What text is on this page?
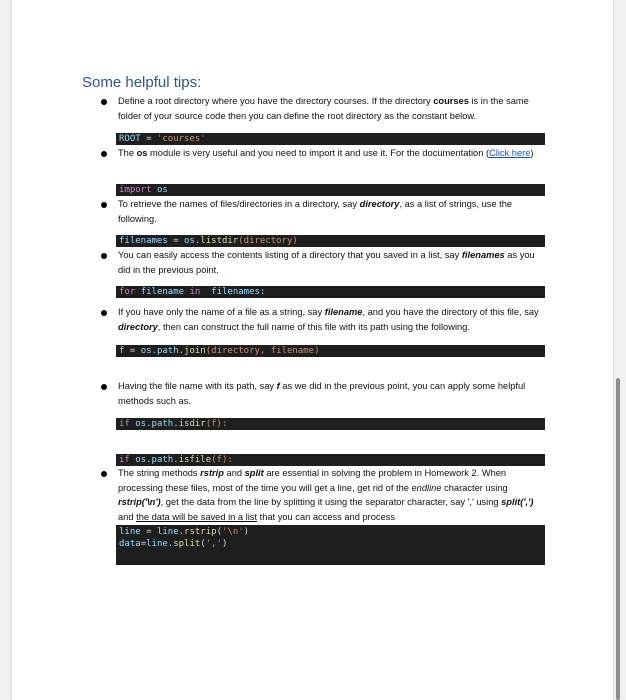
Some helpful tips:
Define a root directory where you have the directory courses. If the directory courses is in the same folder of your source code then you can define the root directory as the constant below.
ROOT = 'courses'
The os module is very useful and you need to import it and use it. For the documentation (Click here)
import os
To retrieve the names of files/directories in a directory, say directory, as a list of strings, use the following.
filenames = os.listdir(directory)
You can easily access the contents listing of a directory that you saved in a list, say filenames as you did in the previous point.
for filename in filenames:
If you have only the name of a file as a string, say filename, and you have the directory of this file, say directory, then can construct the full name of this file with its path using the following.
f = os.path.join(directory, filename)
Having the file name with its path, say f as we did in the previous point, you can apply some helpful methods such as.
if os.path.isdir(f):
if os.path.isfile(f):
The string methods rstrip and split are essential in solving the problem in Homework 2. When processing these files, most of the time you will get a line, get rid of the endline character using rstrip('\n'), get the data from the line by splitting it using the separator character, say ',' using split(',') and the data will be saved in a list that you can access and process
line = line.rstrip('\n')
data=line.split(',')
